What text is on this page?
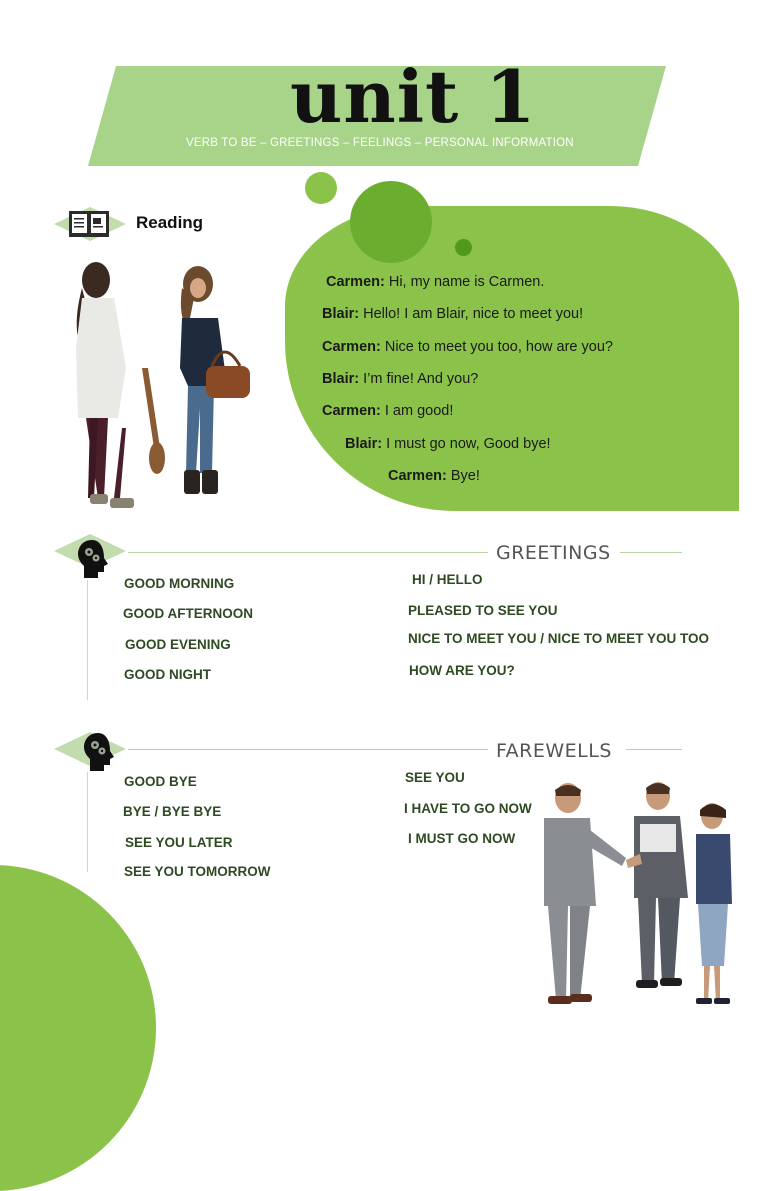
unit 1
VERB TO BE – GREETINGS – FEELINGS – PERSONAL INFORMATION
Reading
Carmen: Hi, my name is Carmen.
Blair: Hello! I am Blair, nice to meet you!
Carmen: Nice to meet you too, how are you?
Blair: I’m fine! And you?
Carmen: I am good!
Blair: I must go now, Good bye!
Carmen: Bye!
GREETINGS
GOOD MORNING
GOOD AFTERNOON
GOOD EVENING
GOOD NIGHT
HI / HELLO
PLEASED TO SEE YOU
NICE TO MEET YOU / NICE TO MEET YOU TOO
HOW ARE YOU?
FAREWELLS
GOOD BYE
BYE / BYE BYE
SEE YOU LATER
SEE YOU TOMORROW
SEE YOU
I HAVE TO GO NOW
I MUST GO NOW
